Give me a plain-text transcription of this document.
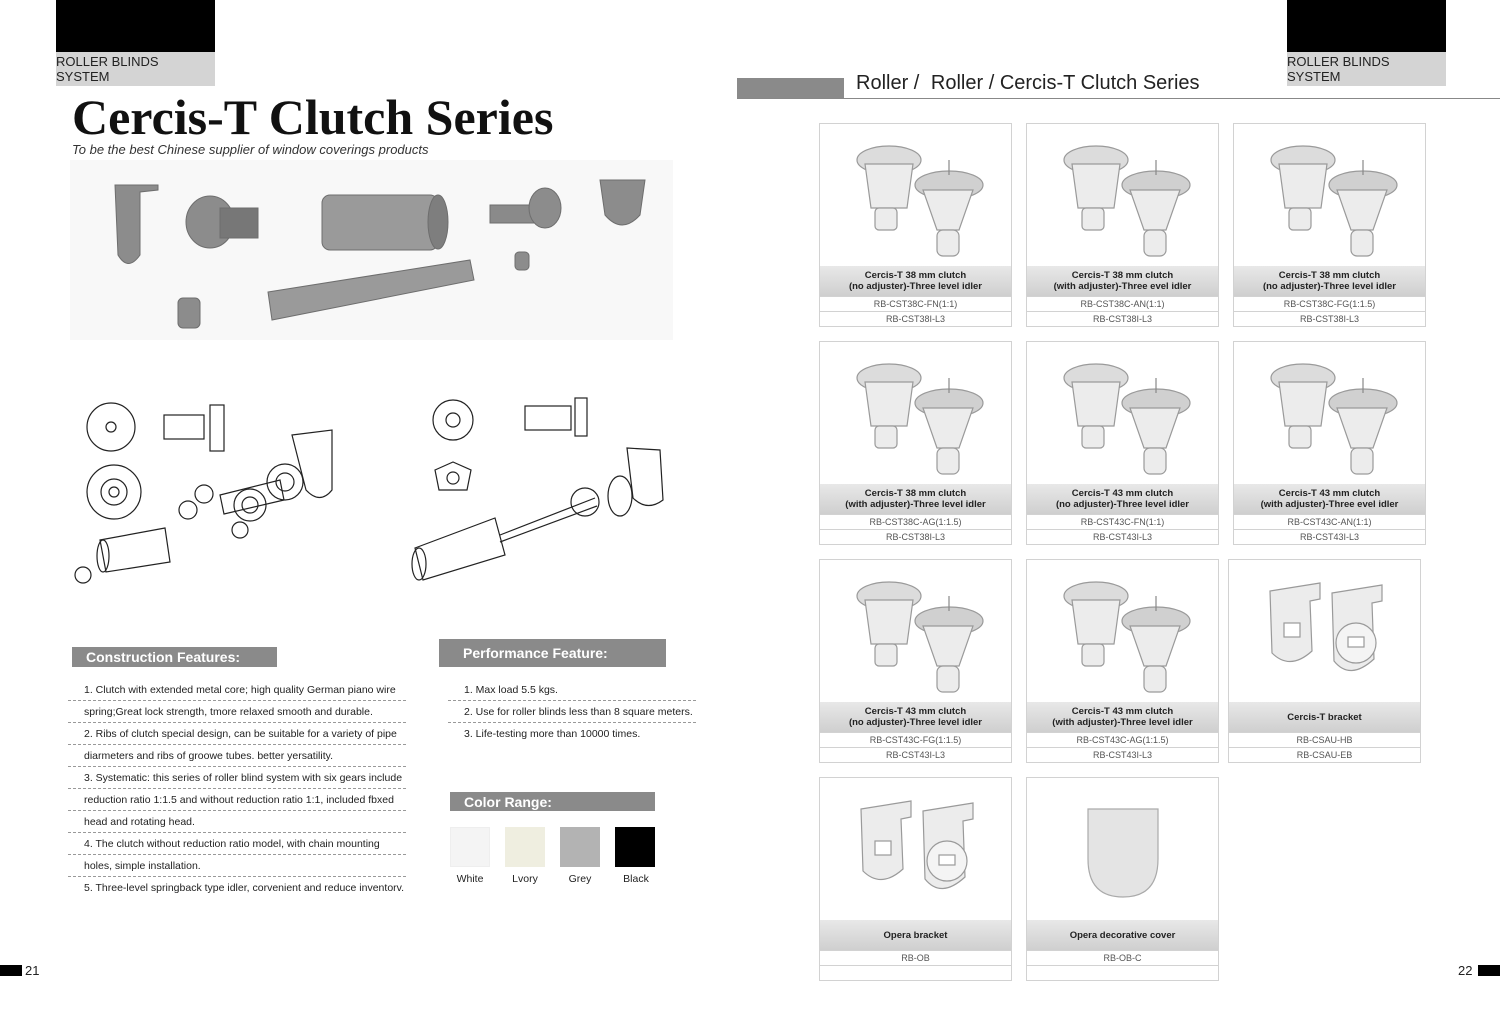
ROLLER BLINDS SYSTEM
Cercis-T Clutch Series
To be the best Chinese supplier of window coverings products
Construction Features:
1. Clutch with extended metal core; high quality German piano wire
spring;Great lock strength, tmore relaxed smooth and durable.
2. Ribs of clutch special design, can be suitable for a variety of pipe
diarmeters and ribs of groowe tubes. better yersatility.
3. Systematic: this series of roller blind system with six gears include
reduction ratio 1:1.5 and without reduction ratio 1:1, included fbxed
head and rotating head.
4. The clutch without reduction ratio model, with chain mounting
holes, simple installation.
5. Three-level springback type idler, corvenient and reduce inventorv.
Performance Feature:
1. Max load 5.5 kgs.
2. Use for roller blinds less than 8 square meters.
3. Life-testing more than 10000 times.
Color Range:
White	Lvory	Grey	Black
21
ROLLER BLINDS SYSTEM
Roller / Roller / Cercis-T Clutch Series
Cercis-T 38 mm clutch
(no adjuster)-Three level idler
RB-CST38C-FN(1:1)
RB-CST38I-L3
Cercis-T 38 mm clutch
(with adjuster)-Three evel idler
RB-CST38C-AN(1:1)
RB-CST38I-L3
Cercis-T 38 mm clutch
(no adjuster)-Three level idler
RB-CST38C-FG(1:1.5)
RB-CST38I-L3
Cercis-T 38 mm clutch
(with adjuster)-Three level idler
RB-CST38C-AG(1:1.5)
RB-CST38I-L3
Cercis-T 43 mm clutch
(no adjuster)-Three level idler
RB-CST43C-FN(1:1)
RB-CST43I-L3
Cercis-T 43 mm clutch
(with adjuster)-Three evel idler
RB-CST43C-AN(1:1)
RB-CST43I-L3
Cercis-T 43 mm clutch
(no adjuster)-Three level idler
RB-CST43C-FG(1:1.5)
RB-CST43I-L3
Cercis-T 43 mm clutch
(with adjuster)-Three level idler
RB-CST43C-AG(1:1.5)
RB-CST43I-L3
Cercis-T bracket
RB-CSAU-HB
RB-CSAU-EB
Opera bracket
RB-OB
Opera decorative cover
RB-OB-C
22
